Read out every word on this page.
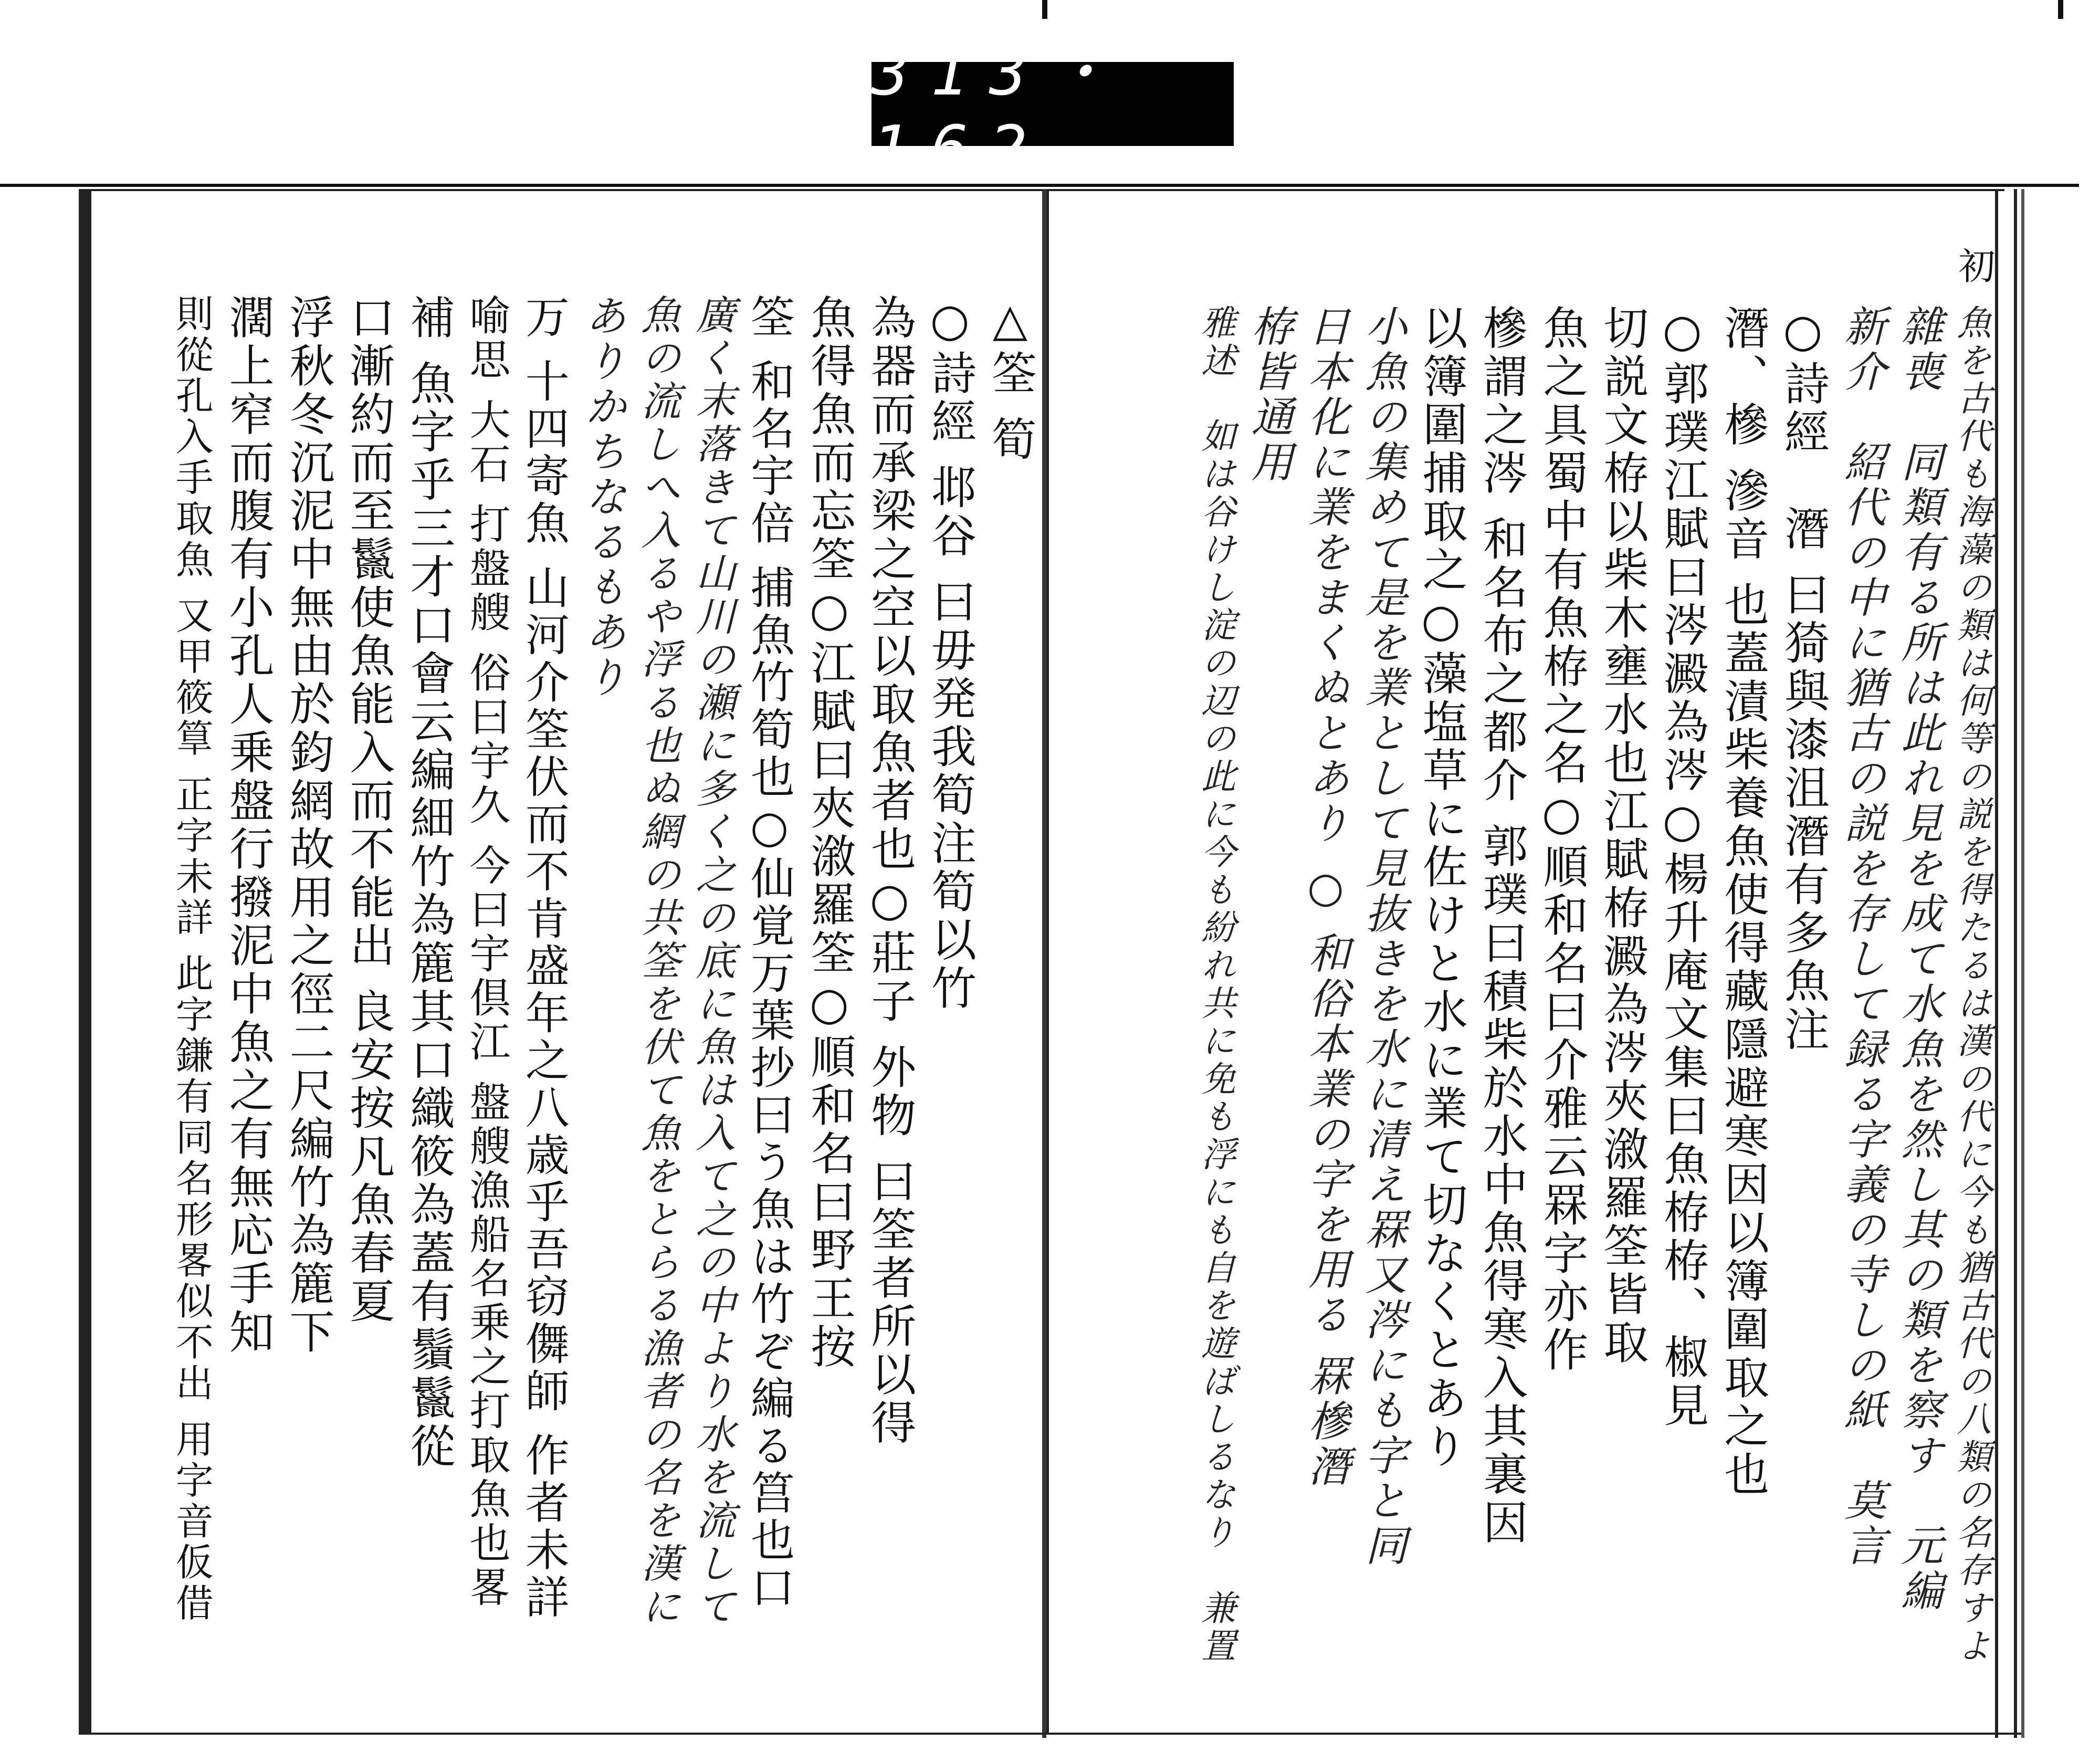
313・162.
初
魚を古代も海藻の類は何等の説を得たるは漢の代に今も猶古代の八類の名存すよ
雜喪　同類有る所は此れ見を成て水魚を然し其の類を察す　元編
新介　紹代の中に猶古の説を存して録る字義の寺しの紙　莫言
○詩經　潛 曰猗與漆沮潛有多魚注
潛、槮 滲音 也蓋漬柴養魚使得藏隱避寒因以簿圍取之也
○郭璞江賦曰涔澱為涔○楊升庵文集曰魚栫栫、椒見
切説文栫以柴木壅水也江賦栫澱為涔夾漵羅筌皆取
魚之具蜀中有魚栫之名○順和名曰介雅云罧字亦作
槮謂之涔 和名布之都介 郭璞曰積柴於水中魚得寒入其裏因
以簿圍捕取之○藻塩草に佐けと水に業て切なくとあり
小魚の集めて是を業として見抜きを水に清え罧又涔にも字と同
日本化に業をまくぬとあり ○ 和俗本業の字を用る 罧槮潛
栫皆通用
雅述　如は谷けし淀の辺の此に今も紛れ共に免も浮にも自を遊ばしるなり　兼置
△筌 筍
○詩經 邶谷 曰毋発我筍注筍以竹
為器而承梁之空以取魚者也○莊子 外物 曰筌者所以得
魚得魚而忘筌○江賦曰夾漵羅筌○順和名曰野王按
筌 和名宇倍 捕魚竹筍也○仙覚万葉抄曰う魚は竹ぞ編る筥也口
廣く末落きて山川の瀬に多く之の底に魚は入て之の中より水を流して
魚の流しへ入るや浮る也ぬ網の共筌を伏て魚をとらる漁者の名を漢に
ありかちなるもあり
万 十四寄魚 山河介筌伏而不肯盛年之八歳乎吾窃儛師 作者未詳
喻思 大石 打盤艘 俗曰宇久 今曰宇倶江 盤艘漁船名乗之打取魚也畧
補 魚字乎三才口會云編細竹為簏其口織筱為蓋有鬚鬣從
口漸約而至鬣使魚能入而不能出 良安按凡魚春夏
浮秋冬沉泥中無由於鈞網故用之徑二尺編竹為簏下
濶上窄而腹有小孔人乗盤行撥泥中魚之有無応手知
則從孔入手取魚 又甲筱筸 正字未詳 此字鎌有同名形畧似不出 用字音仮借
